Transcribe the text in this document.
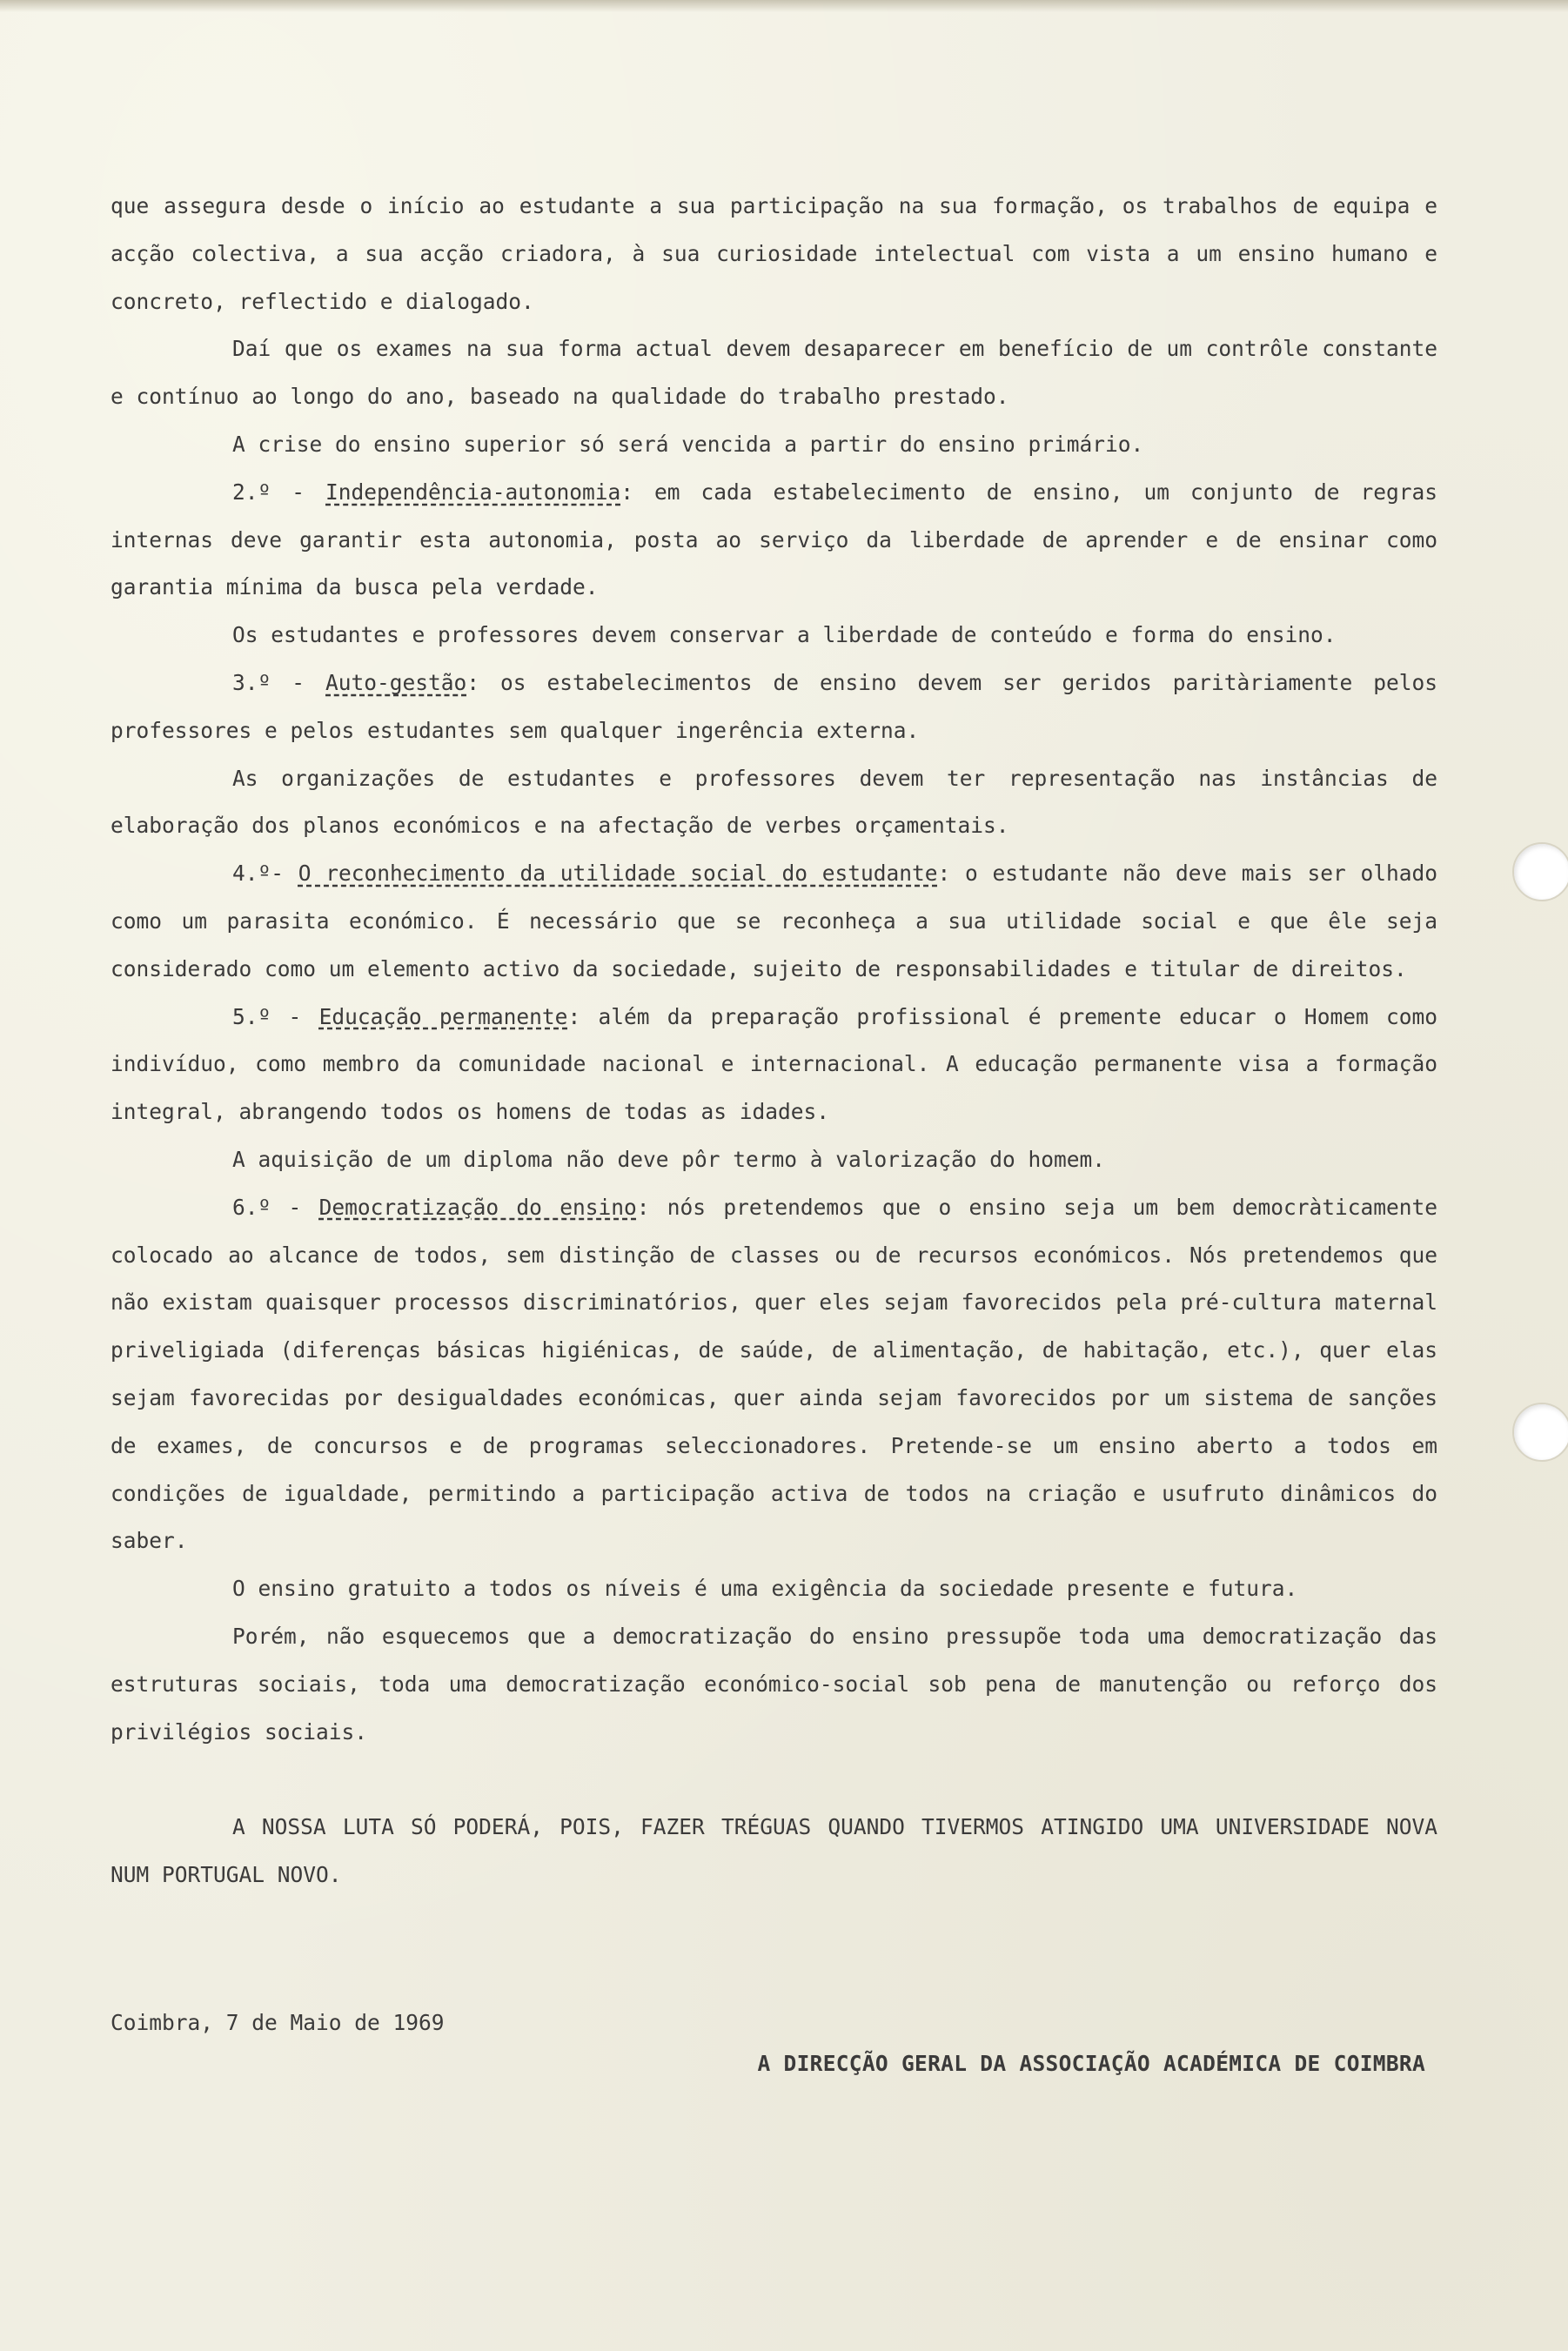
que assegura desde o início ao estudante a sua participação na sua formação, os trabalhos de equipa e acção colectiva, a sua acção criadora, à sua curiosidade intelectual com vista a um ensino humano e concreto, reflectido e dialogado.

Daí que os exames na sua forma actual devem desaparecer em benefício de um contrôle constante e contínuo ao longo do ano, baseado na qualidade do trabalho prestado.

A crise do ensino superior só será vencida a partir do ensino primário.

2.º - Independência-autonomia: em cada estabelecimento de ensino, um conjunto de regras internas deve garantir esta autonomia, posta ao serviço da liberdade de aprender e de ensinar como garantia mínima da busca pela verdade.

Os estudantes e professores devem conservar a liberdade de conteúdo e forma do ensino.

3.º - Auto-gestão: os estabelecimentos de ensino devem ser geridos paritàriamente pelos professores e pelos estudantes sem qualquer ingerência externa.

As organizações de estudantes e professores devem ter representação nas instâncias de elaboração dos planos económicos e na afectação de verbes orçamentais.

4.º- O reconhecimento da utilidade social do estudante: o estudante não deve mais ser olhado como um parasita económico. É necessário que se reconheça a sua utilidade social e que êle seja considerado como um elemento activo da sociedade, sujeito de responsabilidades e titular de direitos.

5.º - Educação permanente: além da preparação profissional é premente educar o Homem como indivíduo, como membro da comunidade nacional e internacional. A educação permanente visa a formação integral, abrangendo todos os homens de todas as idades.

A aquisição de um diploma não deve pôr termo à valorização do homem.

6.º - Democratização do ensino: nós pretendemos que o ensino seja um bem democràticamente colocado ao alcance de todos, sem distinção de classes ou de recursos económicos. Nós pretendemos que não existam quaisquer processos discriminatórios, quer eles sejam favorecidos pela pré-cultura maternal priveligiada (diferenças básicas higiénicas, de saúde, de alimentação, de habitação, etc.), quer elas sejam favorecidas por desigualdades económicas, quer ainda sejam favorecidos por um sistema de sanções de exames, de concursos e de programas seleccionadores. Pretende-se um ensino aberto a todos em condições de igualdade, permitindo a participação activa de todos na criação e usufruto dinâmicos do saber.

O ensino gratuito a todos os níveis é uma exigência da sociedade presente e futura.

Porém, não esquecemos que a democratização do ensino pressupõe toda uma democratização das estruturas sociais, toda uma democratização económico-social sob pena de manutenção ou reforço dos privilégios sociais.

A NOSSA LUTA SÓ PODERÁ, POIS, FAZER TRÉGUAS QUANDO TIVERMOS ATINGIDO UMA UNIVERSIDADE NOVA NUM PORTUGAL NOVO.

Coimbra, 7 de Maio de 1969
A DIRECÇÃO GERAL DA ASSOCIAÇÃO ACADÉMICA DE COIMBRA
